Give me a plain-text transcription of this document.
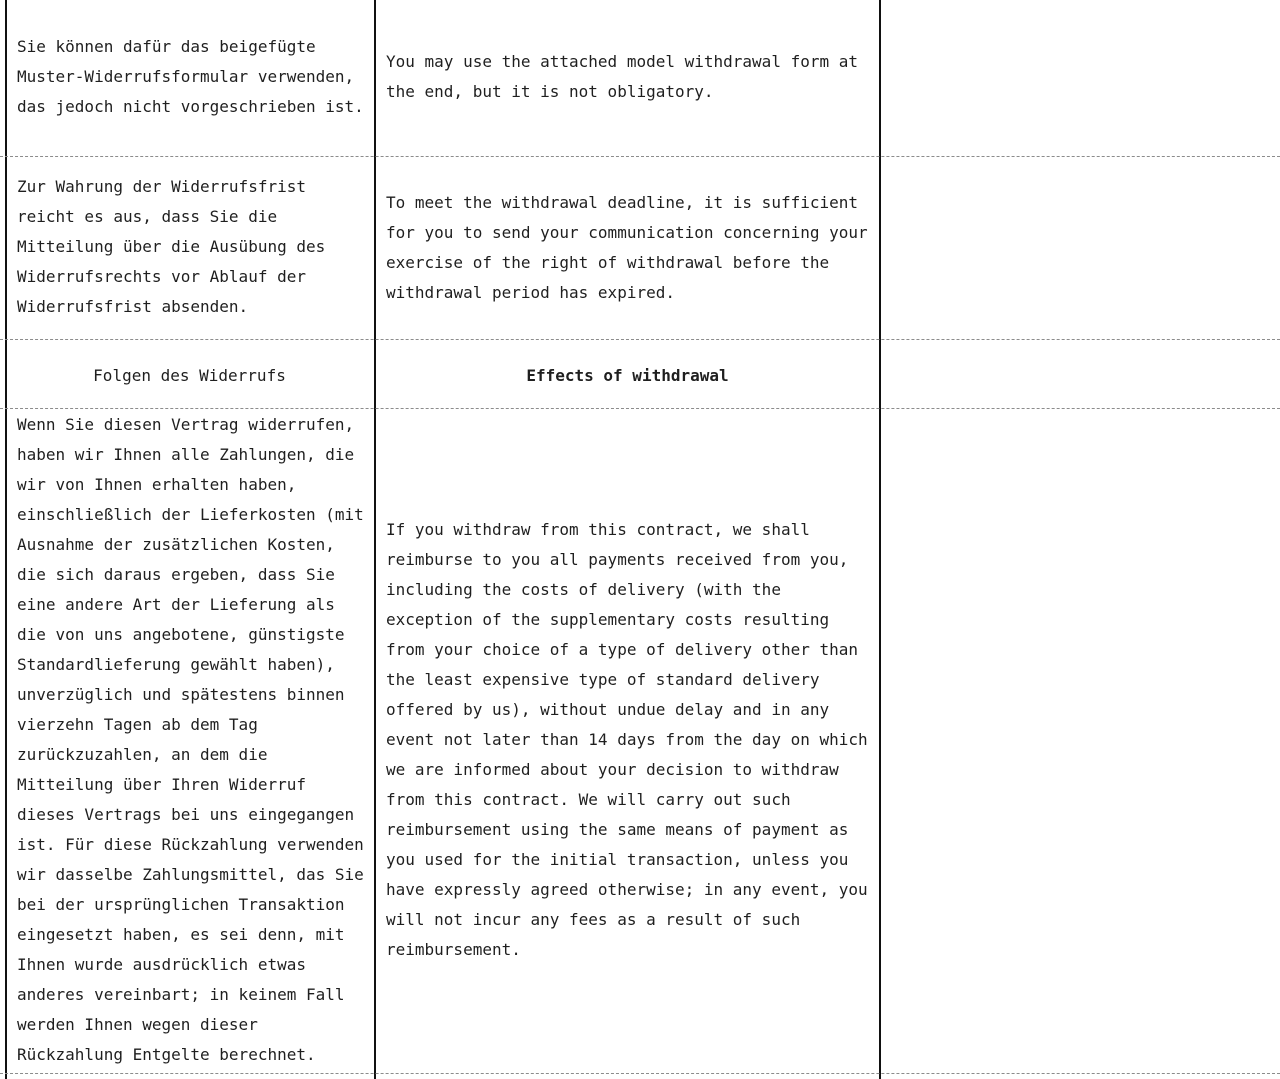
Sie können dafür das beigefügte
Muster-Widerrufsformular verwenden,
das jedoch nicht vorgeschrieben ist.
You may use the attached model withdrawal form at
the end, but it is not obligatory.
Zur Wahrung der Widerrufsfrist
reicht es aus, dass Sie die
Mitteilung über die Ausübung des
Widerrufsrechts vor Ablauf der
Widerrufsfrist absenden.
To meet the withdrawal deadline, it is sufficient
for you to send your communication concerning your
exercise of the right of withdrawal before the
withdrawal period has expired.
Folgen des Widerrufs	Effects of withdrawal
Wenn Sie diesen Vertrag widerrufen,
haben wir Ihnen alle Zahlungen, die
wir von Ihnen erhalten haben,
einschließlich der Lieferkosten (mit
Ausnahme der zusätzlichen Kosten,
die sich daraus ergeben, dass Sie
eine andere Art der Lieferung als
die von uns angebotene, günstigste
Standardlieferung gewählt haben),
unverzüglich und spätestens binnen
vierzehn Tagen ab dem Tag
zurückzuzahlen, an dem die
Mitteilung über Ihren Widerruf
dieses Vertrags bei uns eingegangen
ist. Für diese Rückzahlung verwenden
wir dasselbe Zahlungsmittel, das Sie
bei der ursprünglichen Transaktion
eingesetzt haben, es sei denn, mit
Ihnen wurde ausdrücklich etwas
anderes vereinbart; in keinem Fall
werden Ihnen wegen dieser
Rückzahlung Entgelte berechnet.
If you withdraw from this contract, we shall
reimburse to you all payments received from you,
including the costs of delivery (with the
exception of the supplementary costs resulting
from your choice of a type of delivery other than
the least expensive type of standard delivery
offered by us), without undue delay and in any
event not later than 14 days from the day on which
we are informed about your decision to withdraw
from this contract. We will carry out such
reimbursement using the same means of payment as
you used for the initial transaction, unless you
have expressly agreed otherwise; in any event, you
will not incur any fees as a result of such
reimbursement.
